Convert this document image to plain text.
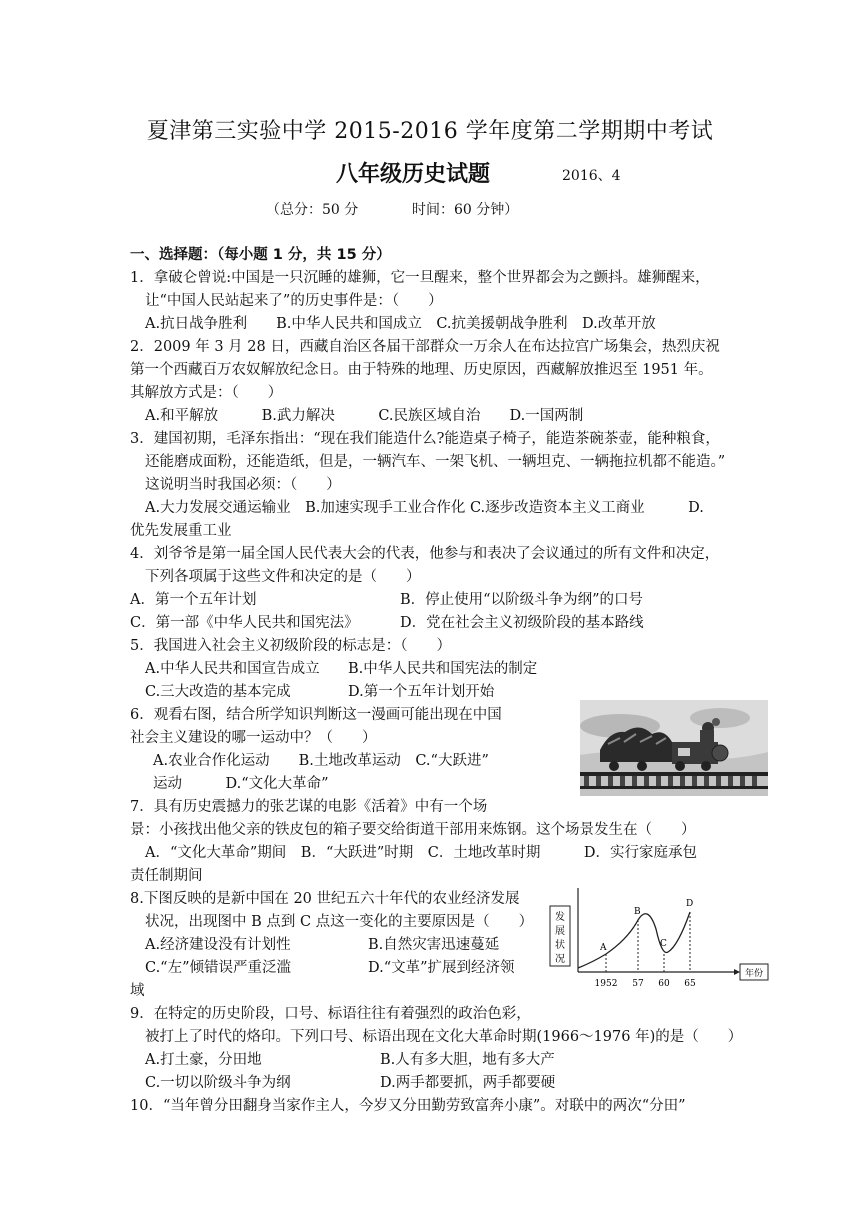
夏津第三实验中学 2015-2016 学年度第二学期期中考试
八年级历史试题	2016、4
（总分：50 分	时间：60 分钟）
一、选择题：（每小题 1 分，共 15 分）
1．拿破仑曾说:中国是一只沉睡的雄狮，它一旦醒来，整个世界都会为之颤抖。雄狮醒来，
让“中国人民站起来了”的历史事件是：（　　）
A.抗日战争胜利　　B.中华人民共和国成立　C.抗美援朝战争胜利　D.改革开放
2．2009 年 3 月 28 日，西藏自治区各届干部群众一万余人在布达拉宫广场集会，热烈庆祝
第一个西藏百万农奴解放纪念日。由于特殊的地理、历史原因，西藏解放推迟至 1951 年。
其解放方式是：（　　）
A.和平解放　　　B.武力解决　　　C.民族区域自治　　D.一国两制
3．建国初期，毛泽东指出：“现在我们能造什么?能造桌子椅子，能造茶碗茶壶，能种粮食，
还能磨成面粉，还能造纸，但是，一辆汽车、一架飞机、一辆坦克、一辆拖拉机都不能造。”
这说明当时我国必须：（　　）
A.大力发展交通运输业　B.加速实现手工业合作化 C.逐步改造资本主义工商业　　　D.
优先发展重工业
4．刘爷爷是第一届全国人民代表大会的代表，他参与和表决了会议通过的所有文件和决定，
下列各项属于这些文件和决定的是（　　）
A．第一个五年计划	B．停止使用“以阶级斗争为纲”的口号
C．第一部《中华人民共和国宪法》	D．党在社会主义初级阶段的基本路线
5．我国进入社会主义初级阶段的标志是：（　　）
A.中华人民共和国宣告成立 B.中华人民共和国宪法的制定
C.三大改造的基本完成	D.第一个五年计划开始
6．观看右图，结合所学知识判断这一漫画可能出现在中国
社会主义建设的哪一运动中？（　　）
A.农业合作化运动　　B.土地改革运动　C.“大跃进”
运动　　　D.“文化大革命”
7．具有历史震撼力的张艺谋的电影《活着》中有一个场
景：小孩找出他父亲的铁皮包的箱子要交给街道干部用来炼钢。这个场景发生在（　　）
A．“文化大革命”期间　B．“大跃进”时期　C．土地改革时期　　　D．实行家庭承包
责任制期间
8.下图反映的是新中国在 20 世纪五六十年代的农业经济发展
状况，出现图中 B 点到 C 点这一变化的主要原因是（　　）
A.经济建设没有计划性	B.自然灾害迅速蔓延
C.“左”倾错误严重泛滥	D.“文革”扩展到经济领
域
发
展
状
况
年份
A
B
C
D
1952 57 60 65
9．在特定的历史阶段，口号、标语往往有着强烈的政治色彩，
被打上了时代的烙印。下列口号、标语出现在文化大革命时期(1966～1976 年)的是（　　）
A.打土豪，分田地	B.人有多大胆，地有多大产
C.一切以阶级斗争为纲	D.两手都要抓，两手都要硬
10．“当年曾分田翻身当家作主人，今岁又分田勤劳致富奔小康”。对联中的两次“分田”
